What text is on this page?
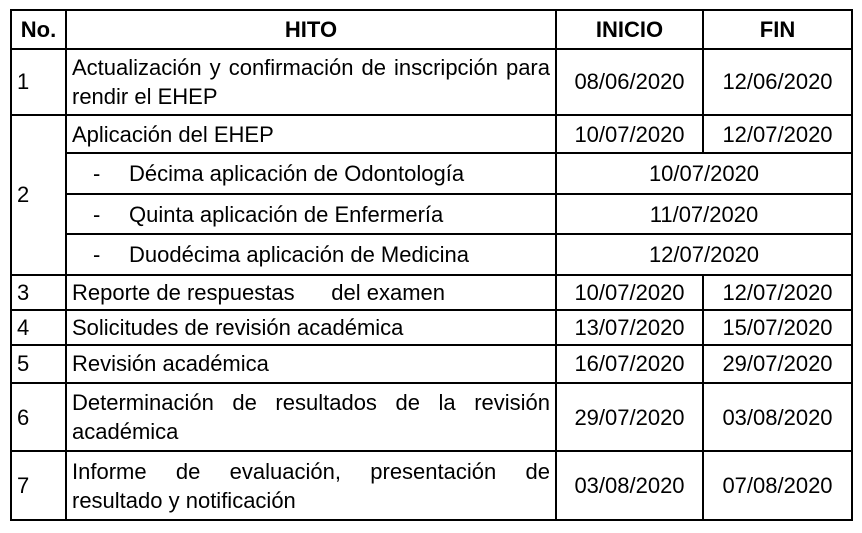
No.	HITO	INICIO	FIN
1	Actualización y confirmación de inscripción para rendir el EHEP	08/06/2020	12/06/2020
2	Aplicación del EHEP	10/07/2020	12/07/2020
	- Décima aplicación de Odontología	10/07/2020	
	- Quinta aplicación de Enfermería	11/07/2020	
	- Duodécima aplicación de Medicina	12/07/2020	
3	Reporte de respuestas      del examen	10/07/2020	12/07/2020
4	Solicitudes de revisión académica	13/07/2020	15/07/2020
5	Revisión académica	16/07/2020	29/07/2020
6	Determinación de resultados de la revisión académica	29/07/2020	03/08/2020
7	Informe de evaluación, presentación de resultado y notificación	03/08/2020	07/08/2020
